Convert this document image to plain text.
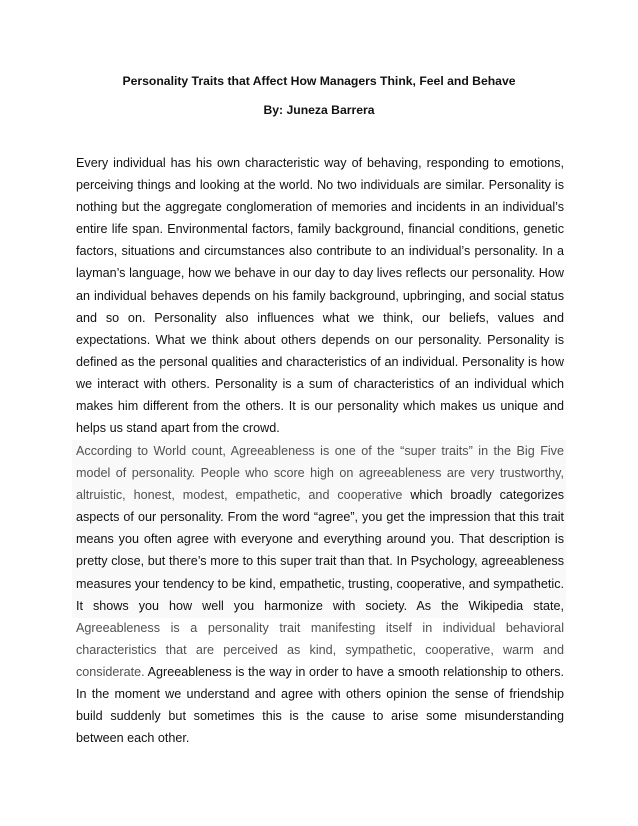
Personality Traits that Affect How Managers Think, Feel and Behave
By: Juneza Barrera

Every individual has his own characteristic way of behaving, responding to emotions, perceiving things and looking at the world. No two individuals are similar. Personality is nothing but the aggregate conglomeration of memories and incidents in an individual’s entire life span. Environmental factors, family background, financial conditions, genetic factors, situations and circumstances also contribute to an individual’s personality. In a layman’s language, how we behave in our day to day lives reflects our personality. How an individual behaves depends on his family background, upbringing, and social status and so on. Personality also influences what we think, our beliefs, values and expectations. What we think about others depends on our personality. Personality is defined as the personal qualities and characteristics of an individual. Personality is how we interact with others. Personality is a sum of characteristics of an individual which makes him different from the others. It is our personality which makes us unique and helps us stand apart from the crowd.

According to World count, Agreeableness is one of the “super traits” in the Big Five model of personality. People who score high on agreeableness are very trustworthy, altruistic, honest, modest, empathetic, and cooperative which broadly categorizes aspects of our personality. From the word “agree”, you get the impression that this trait means you often agree with everyone and everything around you. That description is pretty close, but there’s more to this super trait than that. In Psychology, agreeableness measures your tendency to be kind, empathetic, trusting, cooperative, and sympathetic. It shows you how well you harmonize with society. As the Wikipedia state, Agreeableness is a personality trait manifesting itself in individual behavioral characteristics that are perceived as kind, sympathetic, cooperative, warm and considerate. Agreeableness is the way in order to have a smooth relationship to others. In the moment we understand and agree with others opinion the sense of friendship build suddenly but sometimes this is the cause to arise some misunderstanding between each other.
